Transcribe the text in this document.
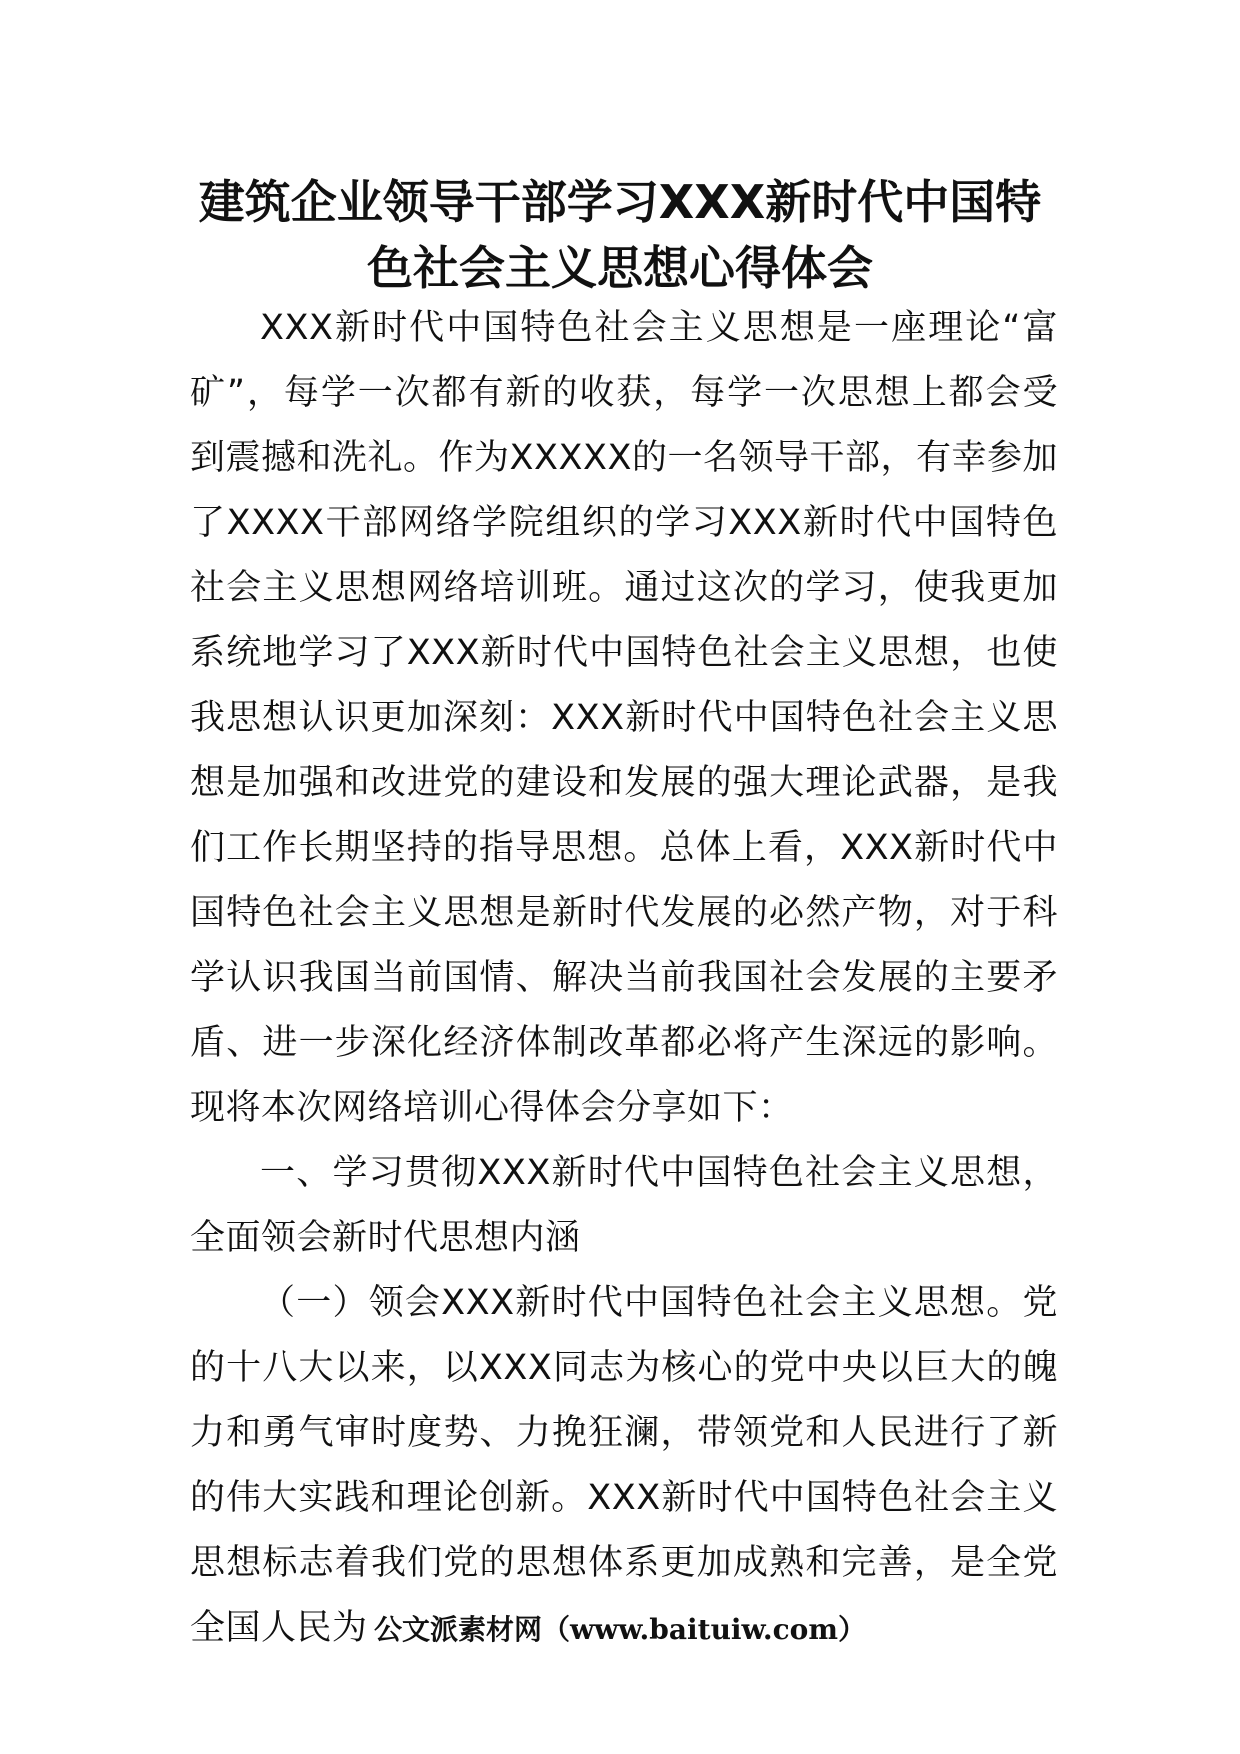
建筑企业领导干部学习XXX新时代中国特
色社会主义思想心得体会

XXX新时代中国特色社会主义思想是一座理论“富矿”，每学一次都有新的收获，每学一次思想上都会受到震撼和洗礼。作为XXXXX的一名领导干部，有幸参加了XXXX干部网络学院组织的学习XXX新时代中国特色社会主义思想网络培训班。通过这次的学习，使我更加系统地学习了XXX新时代中国特色社会主义思想，也使我思想认识更加深刻：XXX新时代中国特色社会主义思想是加强和改进党的建设和发展的强大理论武器，是我们工作长期坚持的指导思想。总体上看，XXX新时代中国特色社会主义思想是新时代发展的必然产物，对于科学认识我国当前国情、解决当前我国社会发展的主要矛盾、进一步深化经济体制改革都必将产生深远的影响。现将本次网络培训心得体会分享如下：

一、学习贯彻XXX新时代中国特色社会主义思想，全面领会新时代思想内涵

（一）领会XXX新时代中国特色社会主义思想。党的十八大以来，以XXX同志为核心的党中央以巨大的魄力和勇气审时度势、力挽狂澜，带领党和人民进行了新的伟大实践和理论创新。XXX新时代中国特色社会主义思想标志着我们党的思想体系更加成熟和完善，是全党全国人民为 公文派素材网（www.baituiw.com）
